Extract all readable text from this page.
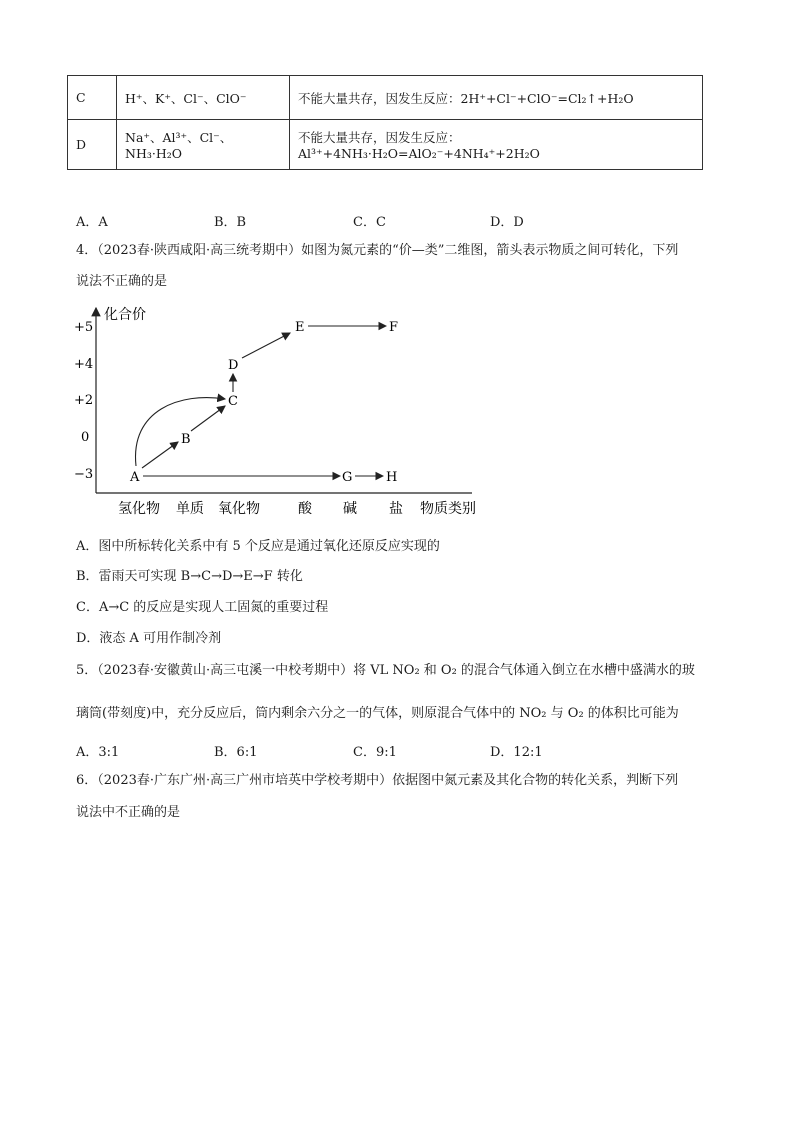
C	H⁺、K⁺、Cl⁻、ClO⁻	不能大量共存，因发生反应：2H⁺+Cl⁻+ClO⁻=Cl₂↑+H₂O
D	Na⁺、Al³⁺、Cl⁻、NH₃·H₂O	不能大量共存，因发生反应：Al³⁺+4NH₃·H₂O=AlO₂⁻+4NH₄⁺+2H₂O
A．A	B．B	C．C	D．D
4．（2023春·陕西咸阳·高三统考期中）如图为氮元素的“价—类”二维图，箭头表示物质之间可转化，下列
说法不正确的是
化合价
+5
+4
+2
0
−3
氢化物 单质 氧化物	酸 碱 盐 物质类别
A
B
C
D
E	F
G	H
A．图中所标转化关系中有 5 个反应是通过氧化还原反应实现的
B．雷雨天可实现 B→C→D→E→F 转化
C．A→C 的反应是实现人工固氮的重要过程
D．液态 A 可用作制冷剂
5．（2023春·安徽黄山·高三屯溪一中校考期中）将 VL NO₂ 和 O₂ 的混合气体通入倒立在水槽中盛满水的玻
璃筒(带刻度)中，充分反应后，筒内剩余六分之一的气体，则原混合气体中的 NO₂ 与 O₂ 的体积比可能为
A．3:1	B．6:1	C．9:1	D．12:1
6．（2023春·广东广州·高三广州市培英中学校考期中）依据图中氮元素及其化合物的转化关系，判断下列
说法中不正确的是
